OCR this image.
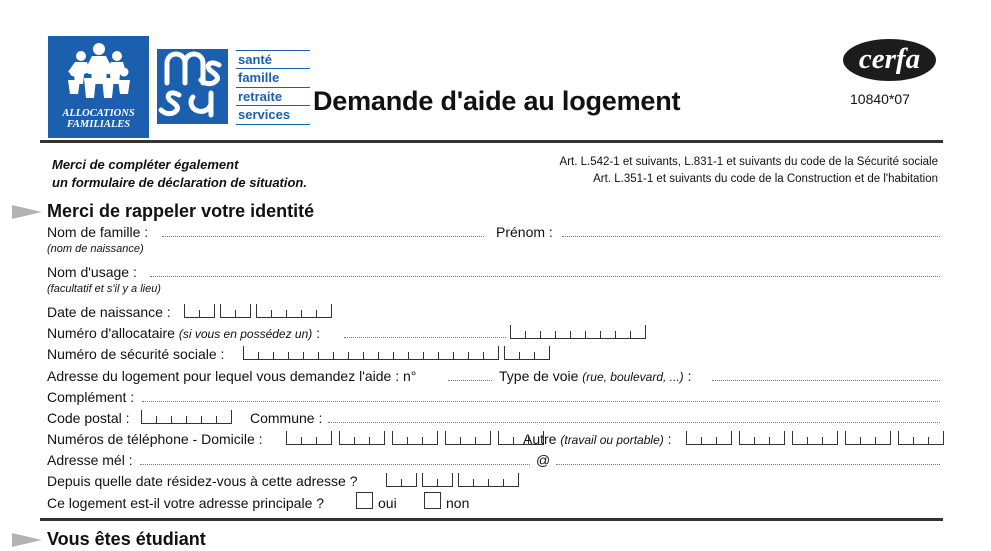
ALLOCATIONS
FAMILIALES
santé
famille
retraite
services Demande d'aide au logement
cerfa
10840*07
Merci de compléter également
un formulaire de déclaration de situation.
Art. L.542-1 et suivants, L.831-1 et suivants du code de la Sécurité sociale
Art. L.351-1 et suivants du code de la Construction et de l'habitation
Merci de rappeler votre identité
Nom de famille :	Prénom :
(nom de naissance)
Nom d'usage :
(facultatif et s'il y a lieu)
Date de naissance :
Numéro d'allocataire (si vous en possédez un) :
Numéro de sécurité sociale :
Adresse du logement pour lequel vous demandez l'aide : n°	Type de voie (rue, boulevard, ...) :
Complément :
Code postal :	Commune :
Numéros de téléphone - Domicile :	Autre (travail ou portable) :
Adresse mél :	@
Depuis quelle date résidez-vous à cette adresse ?
Ce logement est-il votre adresse principale ?	oui	non
Vous êtes étudiant
